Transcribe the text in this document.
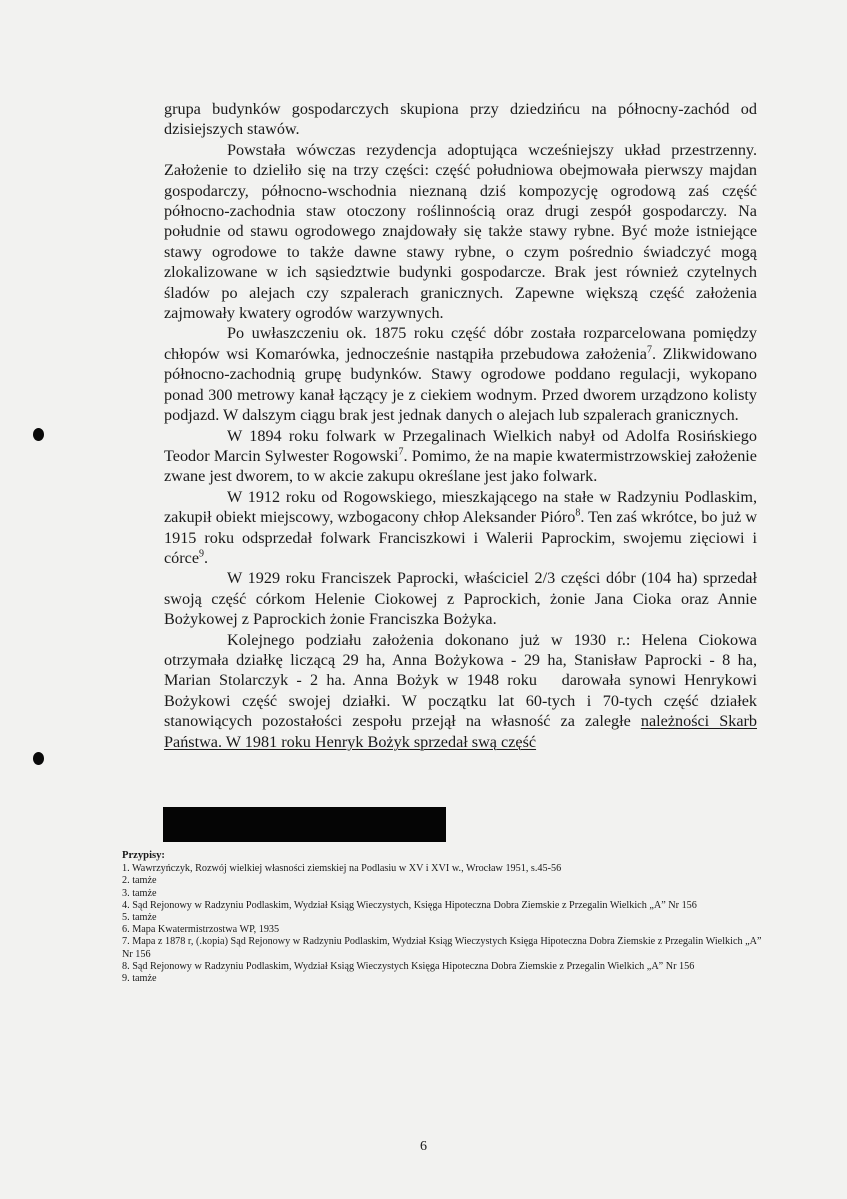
grupa budynków gospodarczych skupiona przy dziedzińcu na północny-zachód od dzisiejszych stawów.

Powstała wówczas rezydencja adoptująca wcześniejszy układ przestrzenny. Założenie to dzieliło się na trzy części: część południowa obejmowała pierwszy majdan gospodarczy, północno-wschodnia nieznaną dziś kompozycję ogrodową zaś część północno-zachodnia staw otoczony roślinnością oraz drugi zespół gospodarczy. Na południe od stawu ogrodowego znajdowały się także stawy rybne. Być może istniejące stawy ogrodowe to także dawne stawy rybne, o czym pośrednio świadczyć mogą zlokalizowane w ich sąsiedztwie budynki gospodarcze. Brak jest również czytelnych śladów po alejach czy szpalerach granicznych. Zapewne większą część założenia zajmowały kwatery ogrodów warzywnych.

Po uwłaszczeniu ok. 1875 roku część dóbr została rozparcelowana pomiędzy chłopów wsi Komarówka, jednocześnie nastąpiła przebudowa założenia$^7$. Zlikwidowano północno-zachodnią grupę budynków. Stawy ogrodowe poddano regulacji, wykopano ponad 300 metrowy kanał łączący je z ciekiem wodnym. Przed dworem urządzono kolisty podjazd. W dalszym ciągu brak jest jednak danych o alejach lub szpalerach granicznych.

W 1894 roku folwark w Przegalinach Wielkich nabył od Adolfa Rosińskiego Teodor Marcin Sylwester Rogowski$^7$. Pomimo, że na mapie kwatermistrzowskiej założenie zwane jest dworem, to w akcie zakupu określane jest jako folwark.

W 1912 roku od Rogowskiego, mieszkającego na stałe w Radzyniu Podlaskim, zakupił obiekt miejscowy, wzbogacony chłop Aleksander Pióro$^8$. Ten zaś wkrótce, bo już w 1915 roku odsprzedał folwark Franciszkowi i Walerii Paprockim, swojemu zięciowi i córce$^9$.

W 1929 roku Franciszek Paprocki, właściciel 2/3 części dóbr (104 ha) sprzedał swoją część córkom Helenie Ciokowej z Paprockich, żonie Jana Cioka oraz Annie Bożykowej z Paprockich żonie Franciszka Bożyka.

Kolejnego podziału założenia dokonano już w 1930 r.: Helena Ciokowa otrzymała działkę liczącą 29 ha, Anna Bożykowa - 29 ha, Stanisław Paprocki - 8 ha, Marian Stolarczyk - 2 ha. Anna Bożyk w 1948 roku   darowała synowi Henrykowi Bożykowi część swojej działki. W początku lat 60-tych i 70-tych część działek stanowiących pozostałości zespołu przejął na własność za zaległe należności Skarb Państwa. W 1981 roku Henryk Bożyk sprzedał swą część

Przypisy:
1. Wawrzyńczyk, Rozwój wielkiej własności ziemskiej na Podlasiu w XV i XVI w., Wrocław 1951, s.45-56
2. tamże
3. tamże
4. Sąd Rejonowy w Radzyniu Podlaskim, Wydział Ksiąg Wieczystych, Księga Hipoteczna Dobra Ziemskie z Przegalin Wielkich „A” Nr 156
5. tamże
6. Mapa Kwatermistrzostwa WP, 1935
7. Mapa z 1878 r, (.kopia) Sąd Rejonowy w Radzyniu Podlaskim, Wydział Ksiąg Wieczystych Księga Hipoteczna Dobra Ziemskie z Przegalin Wielkich „A” Nr 156
8. Sąd Rejonowy w Radzyniu Podlaskim, Wydział Ksiąg Wieczystych Księga Hipoteczna Dobra Ziemskie z Przegalin Wielkich „A” Nr 156
9. tamże
6
